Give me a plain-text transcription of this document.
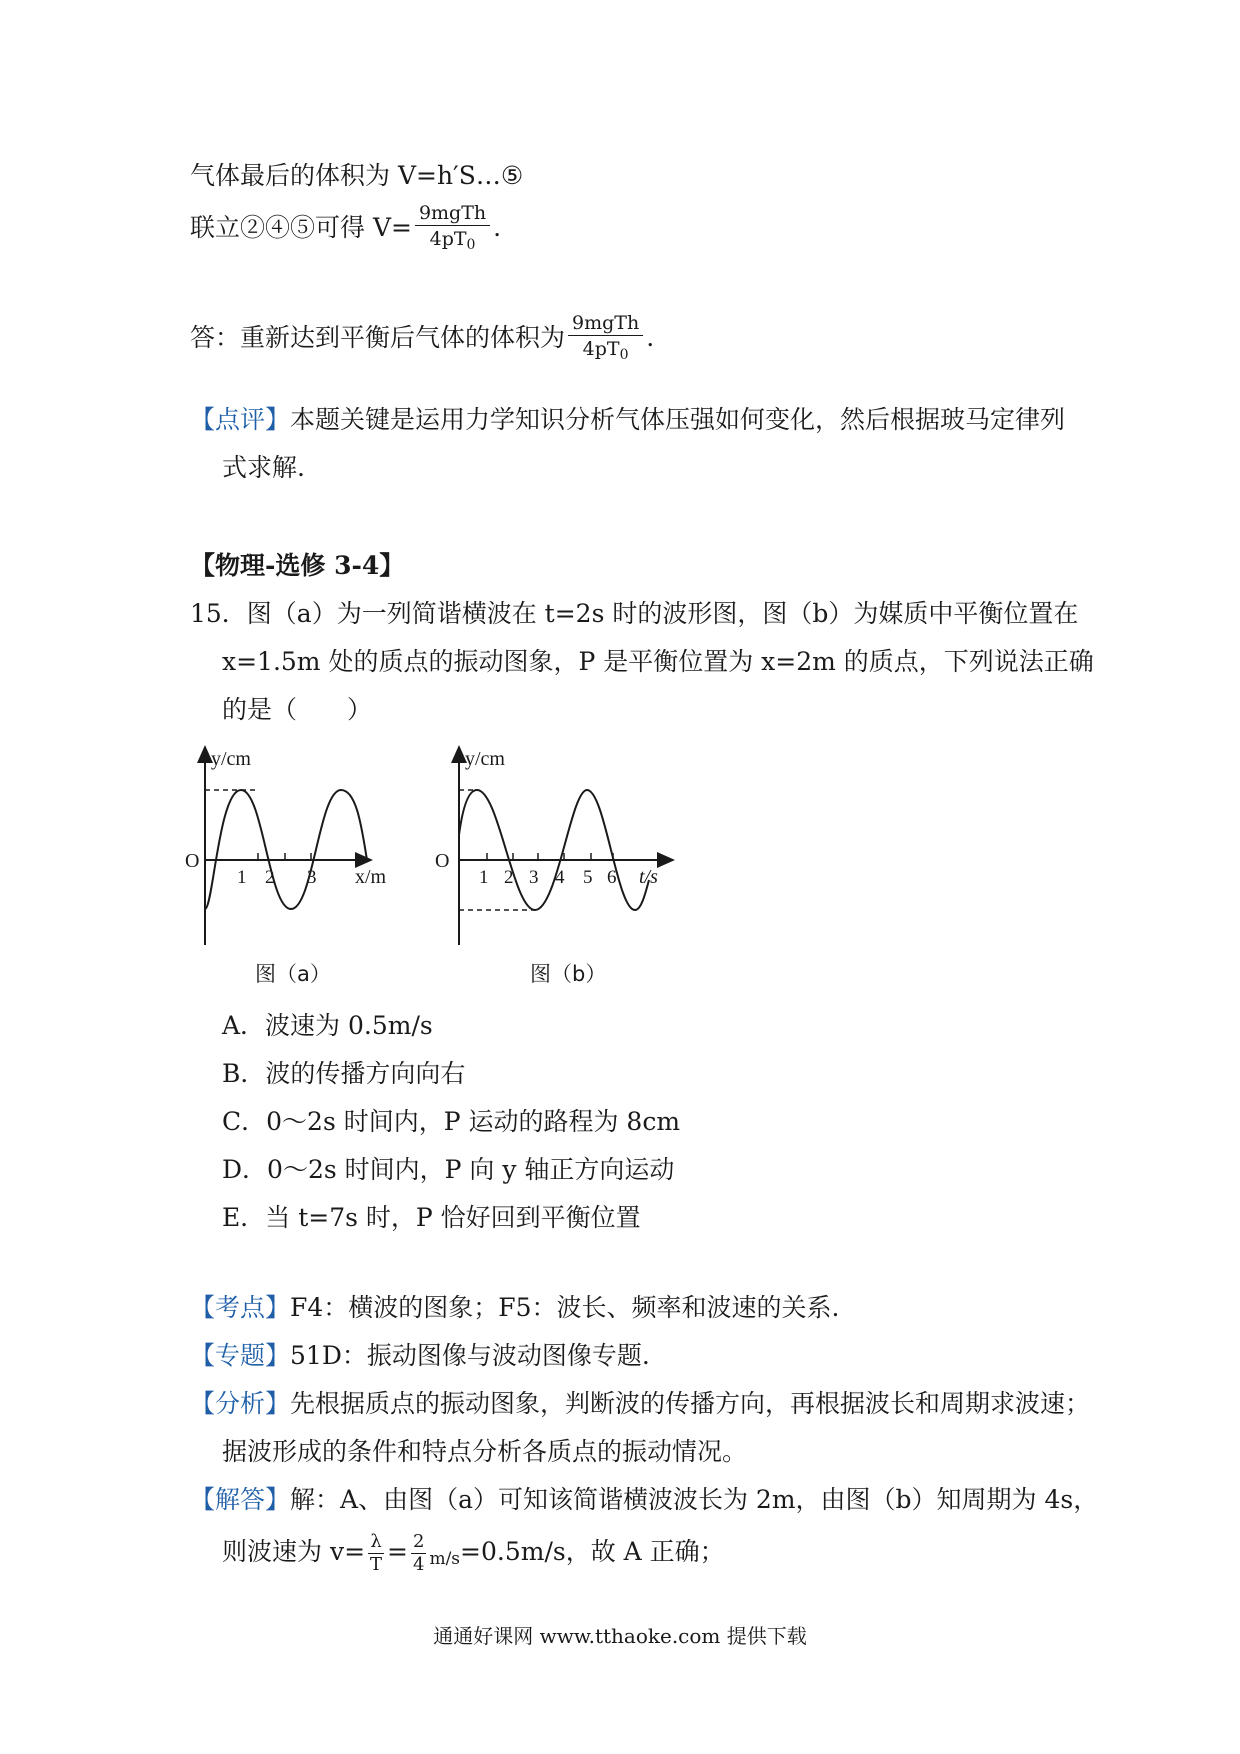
气体最后的体积为 V=h′S…⑤
联立②④⑤可得 $V= \frac{\text{9mgTh}}{4pT_0}$ .
答：重新达到平衡后气体的体积为 $\frac{\text{9mgTh}}{4pT_0}$ .
【点评】本题关键是运用力学知识分析气体压强如何变化，然后根据玻马定律列
式求解.
【物理-选修 3-4】
15．图（a）为一列简谐横波在 t=2s 时的波形图，图（b）为媒质中平衡位置在
x=1.5m 处的质点的振动图象，P 是平衡位置为 x=2m 的质点，下列说法正确
的是（　　）
y/cm
x/m
O
1 2 3
图（a）
y/cm
t/s
O
1 2 3 4 5 6
图（b）
A．波速为 0.5m/s
B．波的传播方向向右
C．0～2s 时间内，P 运动的路程为 8cm
D．0～2s 时间内，P 向 y 轴正方向运动
E．当 t=7s 时，P 恰好回到平衡位置
【考点】F4：横波的图象；F5：波长、频率和波速的关系.
【专题】51D：振动图像与波动图像专题.
【分析】先根据质点的振动图象，判断波的传播方向，再根据波长和周期求波速；
据波形成的条件和特点分析各质点的振动情况。
【解答】解：A、由图（a）可知该简谐横波波长为 2m，由图（b）知周期为 4s，
则波速为 $v= \frac{\lambda}{T} = \frac{2}{4} m/s=0.5m/s$，故 A 正确；
通通好课网 www.tthaoke.com 提供下载
